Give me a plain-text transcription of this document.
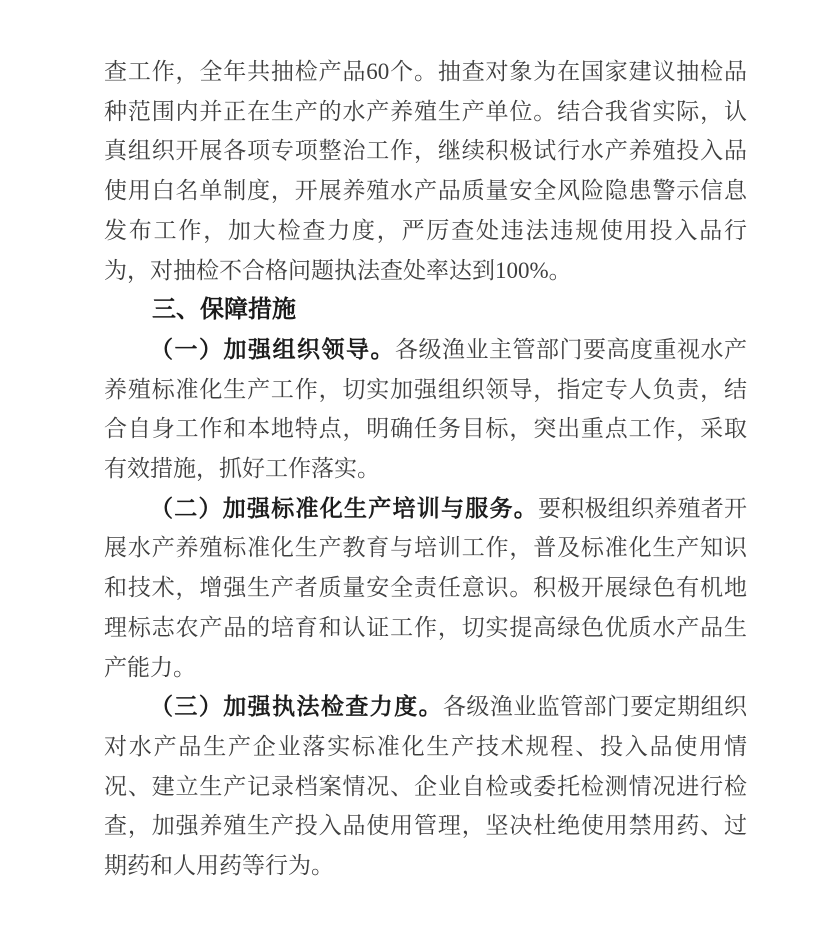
查工作，全年共抽检产品60个。抽查对象为在国家建议抽检品种范围内并正在生产的水产养殖生产单位。结合我省实际，认真组织开展各项专项整治工作，继续积极试行水产养殖投入品使用白名单制度，开展养殖水产品质量安全风险隐患警示信息发布工作，加大检查力度，严厉查处违法违规使用投入品行为，对抽检不合格问题执法查处率达到100%。

三、保障措施

（一）加强组织领导。各级渔业主管部门要高度重视水产养殖标准化生产工作，切实加强组织领导，指定专人负责，结合自身工作和本地特点，明确任务目标，突出重点工作，采取有效措施，抓好工作落实。

（二）加强标准化生产培训与服务。要积极组织养殖者开展水产养殖标准化生产教育与培训工作，普及标准化生产知识和技术，增强生产者质量安全责任意识。积极开展绿色有机地理标志农产品的培育和认证工作，切实提高绿色优质水产品生产能力。

（三）加强执法检查力度。各级渔业监管部门要定期组织对水产品生产企业落实标准化生产技术规程、投入品使用情况、建立生产记录档案情况、企业自检或委托检测情况进行检查，加强养殖生产投入品使用管理，坚决杜绝使用禁用药、过期药和人用药等行为。
